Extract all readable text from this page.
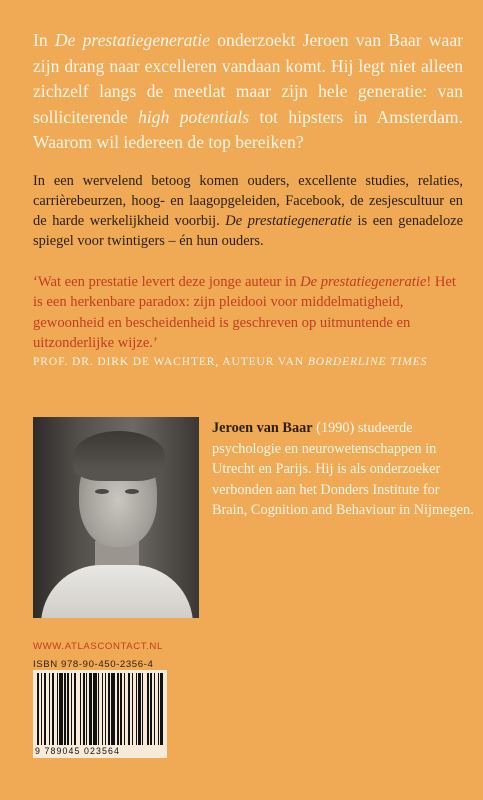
In De prestatiegeneratie onderzoekt Jeroen van Baar waar zijn drang naar excelleren vandaan komt. Hij legt niet alleen zichzelf langs de meetlat maar zijn hele generatie: van solliciterende high potentials tot hipsters in Amsterdam. Waarom wil iedereen de top bereiken?

In een wervelend betoog komen ouders, excellente studies, relaties, carrièrebeurzen, hoog- en laagopgeleiden, Facebook, de zesjescultuur en de harde werkelijkheid voorbij. De prestatiegeneratie is een genadeloze spiegel voor twintigers – én hun ouders.

‘Wat een prestatie levert deze jonge auteur in De prestatiegeneratie! Het is een herkenbare paradox: zijn pleidooi voor middelmatigheid, gewoonheid en bescheidenheid is geschreven op uitmuntende en uitzonderlijke wijze.’

PROF. DR. DIRK DE WACHTER, AUTEUR VAN BORDERLINE TIMES

Jeroen van Baar (1990) studeerde psychologie en neurowetenschappen in Utrecht en Parijs. Hij is als onderzoeker verbonden aan het Donders Institute for Brain, Cognition and Behaviour in Nijmegen.

WWW.ATLASCONTACT.NL

ISBN 978-90-450-2356-4

9 789045 023564
